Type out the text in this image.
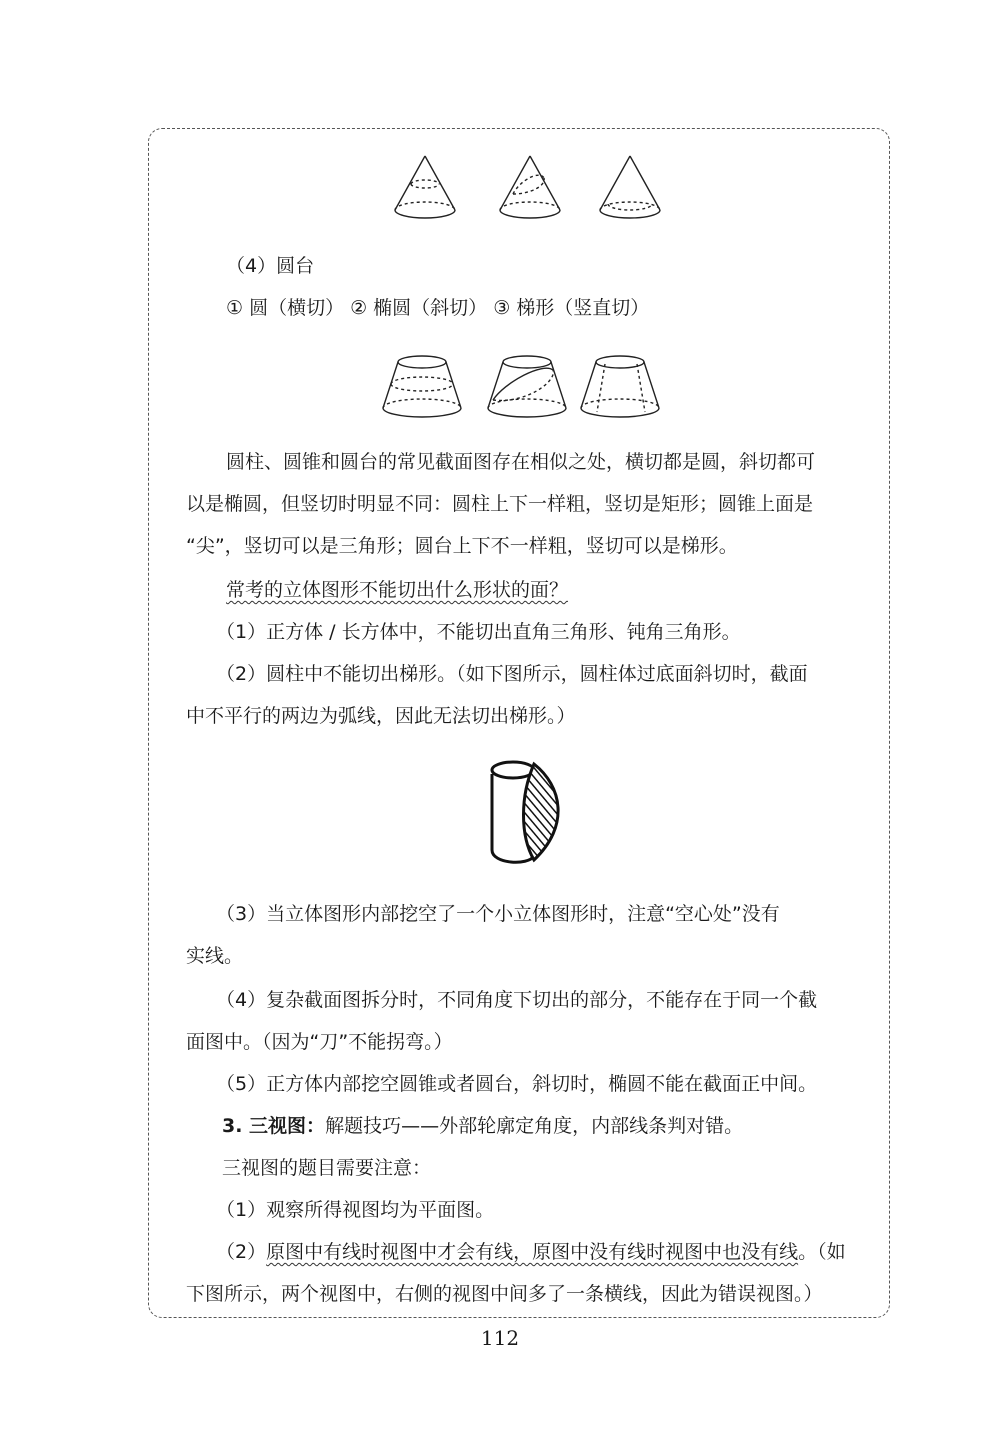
（4）圆台
① 圆（横切） ② 椭圆（斜切） ③ 梯形（竖直切）
圆柱、圆锥和圆台的常见截面图存在相似之处，横切都是圆，斜切都可
以是椭圆，但竖切时明显不同：圆柱上下一样粗，竖切是矩形；圆锥上面是
“尖”，竖切可以是三角形；圆台上下不一样粗，竖切可以是梯形。
常考的立体图形不能切出什么形状的面？
（1）正方体 / 长方体中，不能切出直角三角形、钝角三角形。
（2）圆柱中不能切出梯形。（如下图所示，圆柱体过底面斜切时，截面
中不平行的两边为弧线，因此无法切出梯形。）
（3）当立体图形内部挖空了一个小立体图形时，注意“空心处”没有
实线。
（4）复杂截面图拆分时，不同角度下切出的部分，不能存在于同一个截
面图中。（因为“刀”不能拐弯。）
（5）正方体内部挖空圆锥或者圆台，斜切时，椭圆不能在截面正中间。
3. 三视图：解题技巧——外部轮廓定角度，内部线条判对错。
三视图的题目需要注意：
（1）观察所得视图均为平面图。
（2）原图中有线时视图中才会有线，原图中没有线时视图中也没有线。（如
下图所示，两个视图中，右侧的视图中间多了一条横线，因此为错误视图。）
112
